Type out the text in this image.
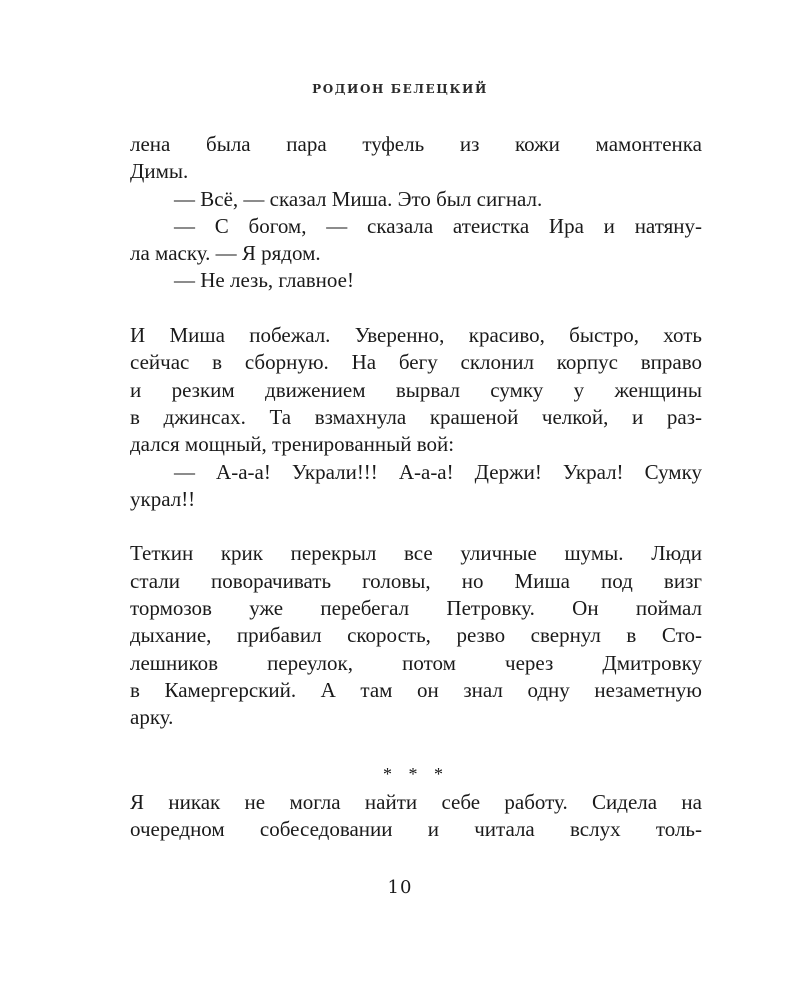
РОДИОН БЕЛЕЦКИЙ
лена была пара туфель из кожи мамонтенка
Димы.
— Всё, — сказал Миша. Это был сигнал.
— С богом, — сказала атеистка Ира и натяну-
ла маску. — Я рядом.
— Не лезь, главное!
И Миша побежал. Уверенно, красиво, быстро, хоть
сейчас в сборную. На бегу склонил корпус вправо
и резким движением вырвал сумку у женщины
в джинсах. Та взмахнула крашеной челкой, и раз-
дался мощный, тренированный вой:
— А-а-а! Украли!!! А-а-а! Держи! Украл! Сумку
украл!!
Теткин крик перекрыл все уличные шумы. Люди
стали поворачивать головы, но Миша под визг
тормозов уже перебегал Петровку. Он поймал
дыхание, прибавил скорость, резво свернул в Сто-
лешников переулок, потом через Дмитровку
в Камергерский. А там он знал одну незаметную
арку.
* * *
Я никак не могла найти себе работу. Сидела на
очередном собеседовании и читала вслух толь-
10
